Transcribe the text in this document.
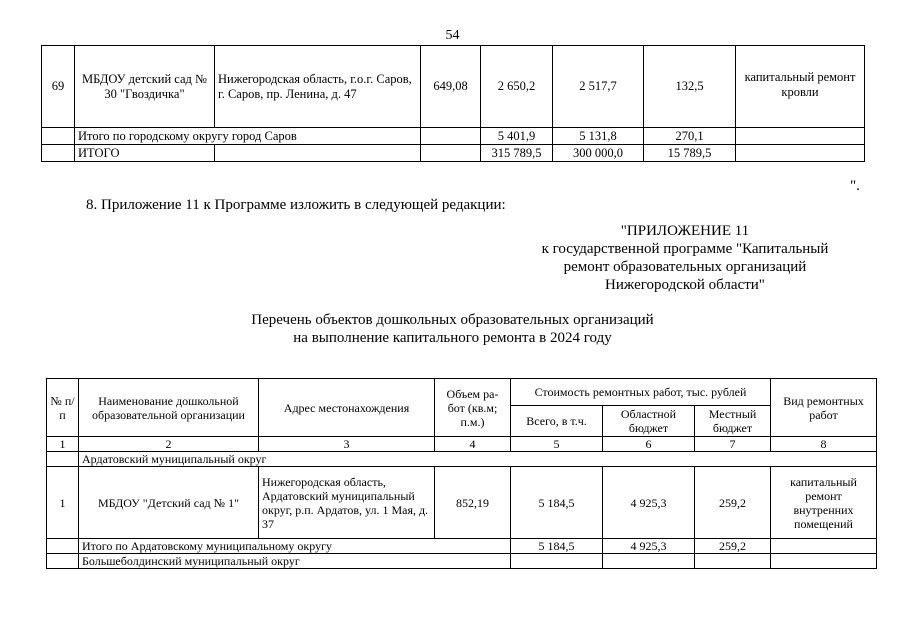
54
69	МБДОУ детский сад № 30 "Гвоздичка"	Нижегородская область, г.о.г. Саров, г. Саров, пр. Ленина, д. 47	649,08	2 650,2	2 517,7	132,5	капитальный ремонт кровли
	Итого по городскому округу город Саров			5 401,9	5 131,8	270,1	
	ИТОГО			315 789,5	300 000,0	15 789,5	
".
8. Приложение 11 к Программе изложить в следующей редакции:
"ПРИЛОЖЕНИЕ 11
к государственной программе "Капитальный
ремонт образовательных организаций
Нижегородской области"
Перечень объектов дошкольных образовательных организаций
на выполнение капитального ремонта в 2024 году
№ п/п	Наименование дошкольной образовательной организации	Адрес местонахождения	Объем ра-бот (кв.м; п.м.)	Стоимость ремонтных работ, тыс. рублей			Вид ремонтных работ
				Всего, в т.ч.	Областной бюджет	Местный бюджет	
1	2	3	4	5	6	7	8
	Ардатовский муниципальный округ						
1	МБДОУ "Детский сад № 1"	Нижегородская область, Ардатовский муниципальный округ, р.п. Ардатов, ул. 1 Мая, д. 37	852,19	5 184,5	4 925,3	259,2	капитальный ремонт внутренних помещений
	Итого по Ардатовскому муниципальному округу			5 184,5	4 925,3	259,2	
	Большеболдинский муниципальный округ						
